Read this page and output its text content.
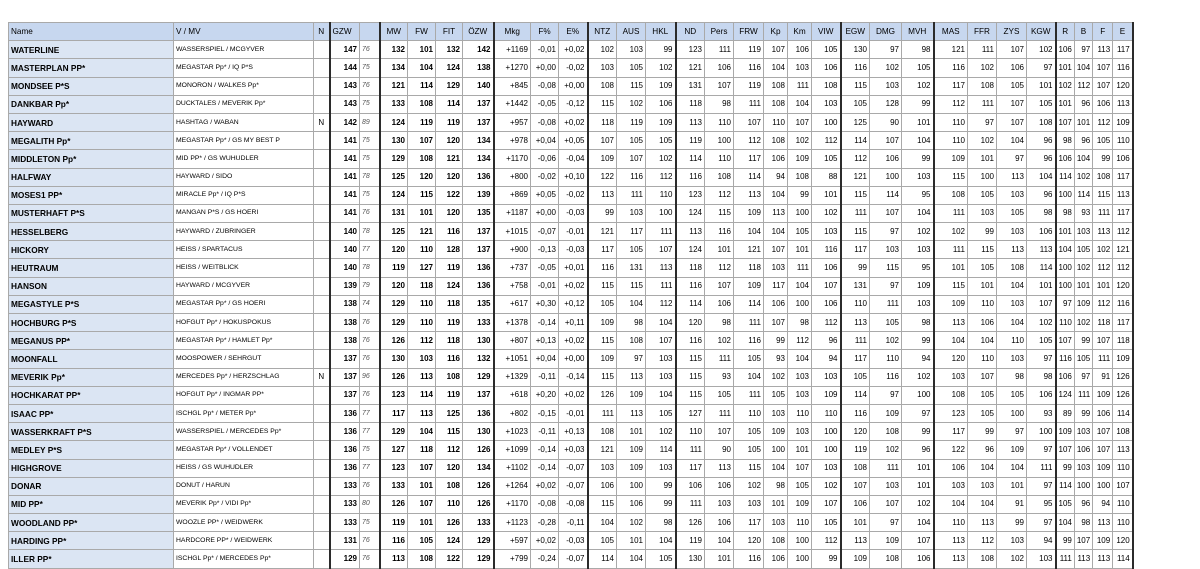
Name	V / MV	N	GZW		MW	FW	FIT	ÖZW	Mkg	F%	E%	NTZ	AUS	HKL	ND	Pers	FRW	Kp	Km	VIW	EGW	DMG	MVH	MAS	FFR	ZYS	KGW	R	B	F	E
WATERLINE	WASSERSPIEL / MCGYVER		147	76	132	101	132	142	+1169	-0,01	+0,02	102	103	99	123	111	119	107	106	105	130	97	98	121	111	107	102	106	97	113	117
MASTERPLAN PP*	MEGASTAR Pp* / IQ P*S		144	75	134	104	124	138	+1270	+0,00	-0,02	103	105	102	121	106	116	104	103	106	116	102	105	116	102	106	97	101	104	107	116
MONDSEE P*S	MONORON / WALKES Pp*		143	76	121	114	129	140	+845	-0,08	+0,00	108	115	109	131	107	119	108	111	108	115	103	102	117	108	105	101	102	112	107	120
DANKBAR Pp*	DUCKTALES / MEVERIK Pp*		143	75	133	108	114	137	+1442	-0,05	-0,12	115	102	106	118	98	111	108	104	103	105	128	99	112	111	107	105	101	96	106	113
HAYWARD	HASHTAG / WABAN	N	142	89	124	119	119	137	+957	-0,08	+0,02	118	119	109	113	110	107	110	107	100	125	90	101	110	97	107	108	107	101	112	109
MEGALITH Pp*	MEGASTAR Pp* / GS MY BEST P		141	75	130	107	120	134	+978	+0,04	+0,05	107	105	105	119	100	112	108	102	112	114	107	104	110	102	104	96	98	96	105	110
MIDDLETON Pp*	MID PP* / GS WUHUDLER		141	75	129	108	121	134	+1170	-0,06	-0,04	109	107	102	114	110	117	106	109	105	112	106	99	109	101	97	96	106	104	99	106
HALFWAY	HAYWARD / SIDO		141	78	125	120	120	136	+800	-0,02	+0,10	122	116	112	116	108	114	94	108	88	121	100	103	115	100	113	104	114	102	108	117
MOSES1 PP*	MIRACLE Pp* / IQ P*S		141	75	124	115	122	139	+869	+0,05	-0,02	113	111	110	123	112	113	104	99	101	115	114	95	108	105	103	96	100	114	115	113
MUSTERHAFT P*S	MANGAN P*S / GS HOERI		141	76	131	101	120	135	+1187	+0,00	-0,03	99	103	100	124	115	109	113	100	102	111	107	104	111	103	105	98	98	93	111	117
HESSELBERG	HAYWARD / ZUBRINGER		140	78	125	121	116	137	+1015	-0,07	-0,01	121	117	111	113	116	104	104	105	103	115	97	102	102	99	103	106	101	103	113	112
HICKORY	HEISS / SPARTACUS		140	77	120	110	128	137	+900	-0,13	-0,03	117	105	107	124	101	121	107	101	116	117	103	103	111	115	113	113	104	105	102	121
HEUTRAUM	HEISS / WEITBLICK		140	78	119	127	119	136	+737	-0,05	+0,01	116	131	113	118	112	118	103	111	106	99	115	95	101	105	108	114	100	102	112	112
HANSON	HAYWARD / MCGYVER		139	79	120	118	124	136	+758	-0,01	+0,02	115	115	111	116	107	109	117	104	107	131	97	109	115	101	104	101	100	101	101	120
MEGASTYLE P*S	MEGASTAR Pp* / GS HOERI		138	74	129	110	118	135	+617	+0,30	+0,12	105	104	112	114	106	114	106	100	106	110	111	103	109	110	103	107	97	109	112	116
HOCHBURG P*S	HOFGUT Pp* / HOKUSPOKUS		138	76	129	110	119	133	+1378	-0,14	+0,11	109	98	104	120	98	111	107	98	112	113	105	98	113	106	104	102	110	102	118	117
MEGANUS PP*	MEGASTAR Pp* / HAMLET Pp*		138	76	126	112	118	130	+807	+0,13	+0,02	115	108	107	116	102	116	99	112	96	111	102	99	104	104	110	105	107	99	107	118
MOONFALL	MOOSPOWER / SEHRGUT		137	76	130	103	116	132	+1051	+0,04	+0,00	109	97	103	115	111	105	93	104	94	117	110	94	120	110	103	97	116	105	111	109
MEVERIK Pp*	MERCEDES Pp* / HERZSCHLAG	N	137	96	126	113	108	129	+1329	-0,11	-0,14	115	113	103	115	93	104	102	103	103	105	116	102	103	107	98	98	106	97	91	126
HOCHKARAT PP*	HOFGUT Pp* / INGMAR PP*		137	76	123	114	119	137	+618	+0,20	+0,02	126	109	104	115	105	111	105	103	109	114	97	100	108	105	105	106	124	111	109	126
ISAAC PP*	ISCHGL Pp* / METER Pp*		136	77	117	113	125	136	+802	-0,15	-0,01	111	113	105	127	111	110	103	110	110	116	109	97	123	105	100	93	89	99	106	114
WASSERKRAFT P*S	WASSERSPIEL / MERCEDES Pp*		136	77	129	104	115	130	+1023	-0,11	+0,13	108	101	102	110	107	105	109	103	100	120	108	99	117	99	97	100	109	103	107	108
MEDLEY P*S	MEGASTAR Pp* / VOLLENDET		136	75	127	118	112	126	+1099	-0,14	+0,03	121	109	114	111	90	105	100	101	100	119	102	96	122	96	109	97	107	106	107	113
HIGHGROVE	HEISS / GS WUHUDLER		136	77	123	107	120	134	+1102	-0,14	-0,07	103	109	103	117	113	115	104	107	103	108	111	101	106	104	104	111	99	103	109	110
DONAR	DONUT / HARUN		133	76	133	101	108	126	+1264	+0,02	-0,07	106	100	99	106	106	102	98	105	102	107	103	101	103	103	101	97	114	100	100	107
MID PP*	MEVERIK Pp* / VIDI Pp*		133	80	126	107	110	126	+1170	-0,08	-0,08	115	106	99	111	103	103	101	109	107	106	107	102	104	104	91	95	105	96	94	110
WOODLAND PP*	WOOZLE PP* / WEIDWERK		133	75	119	101	126	133	+1123	-0,28	-0,11	104	102	98	126	106	117	103	110	105	101	97	104	110	113	99	97	104	98	113	110
HARDING PP*	HARDCORE PP* / WEIDWERK		131	76	116	105	124	129	+597	+0,02	-0,03	105	101	104	119	104	120	108	100	112	113	109	107	113	112	103	94	99	107	109	120
ILLER PP*	ISCHGL Pp* / MERCEDES Pp*		129	76	113	108	122	129	+799	-0,24	-0,07	114	104	105	130	101	116	106	100	99	109	108	106	113	108	102	103	111	113	113	114
